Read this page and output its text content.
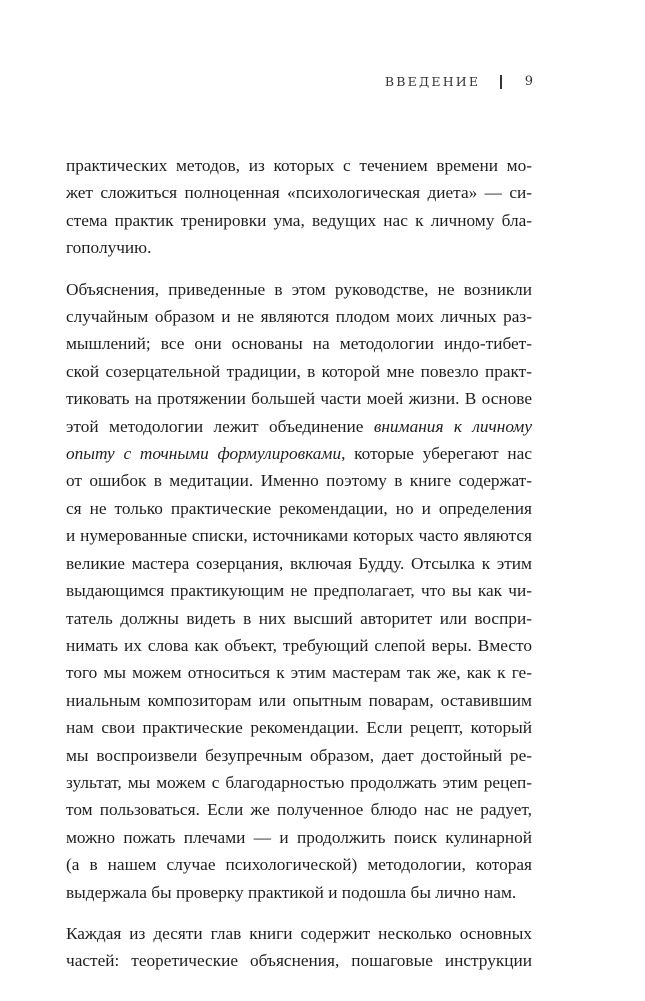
ВВЕДЕНИЕ	9
практических методов, из которых с течением времени мо-
жет сложиться полноценная «психологическая диета» — си-
стема практик тренировки ума, ведущих нас к личному бла-
гополучию.
Объяснения, приведенные в этом руководстве, не возникли
случайным образом и не являются плодом моих личных раз-
мышлений; все они основаны на методологии индо-тибет-
ской созерцательной традиции, в которой мне повезло практ-
тиковать на протяжении большей части моей жизни. В основе
этой методологии лежит объединение внимания к личному
опыту с точными формулировками, которые уберегают нас
от ошибок в медитации. Именно поэтому в книге содержат-
ся не только практические рекомендации, но и определения
и нумерованные списки, источниками которых часто являются
великие мастера созерцания, включая Будду. Отсылка к этим
выдающимся практикующим не предполагает, что вы как чи-
татель должны видеть в них высший авторитет или воспри-
нимать их слова как объект, требующий слепой веры. Вместо
того мы можем относиться к этим мастерам так же, как к ге-
ниальным композиторам или опытным поварам, оставившим
нам свои практические рекомендации. Если рецепт, который
мы воспроизвели безупречным образом, дает достойный ре-
зультат, мы можем с благодарностью продолжать этим рецеп-
том пользоваться. Если же полученное блюдо нас не радует,
можно пожать плечами — и продолжить поиск кулинарной
(а в нашем случае психологической) методологии, которая
выдержала бы проверку практикой и подошла бы лично нам.
Каждая из десяти глав книги содержит несколько основных
частей: теоретические объяснения, пошаговые инструкции
